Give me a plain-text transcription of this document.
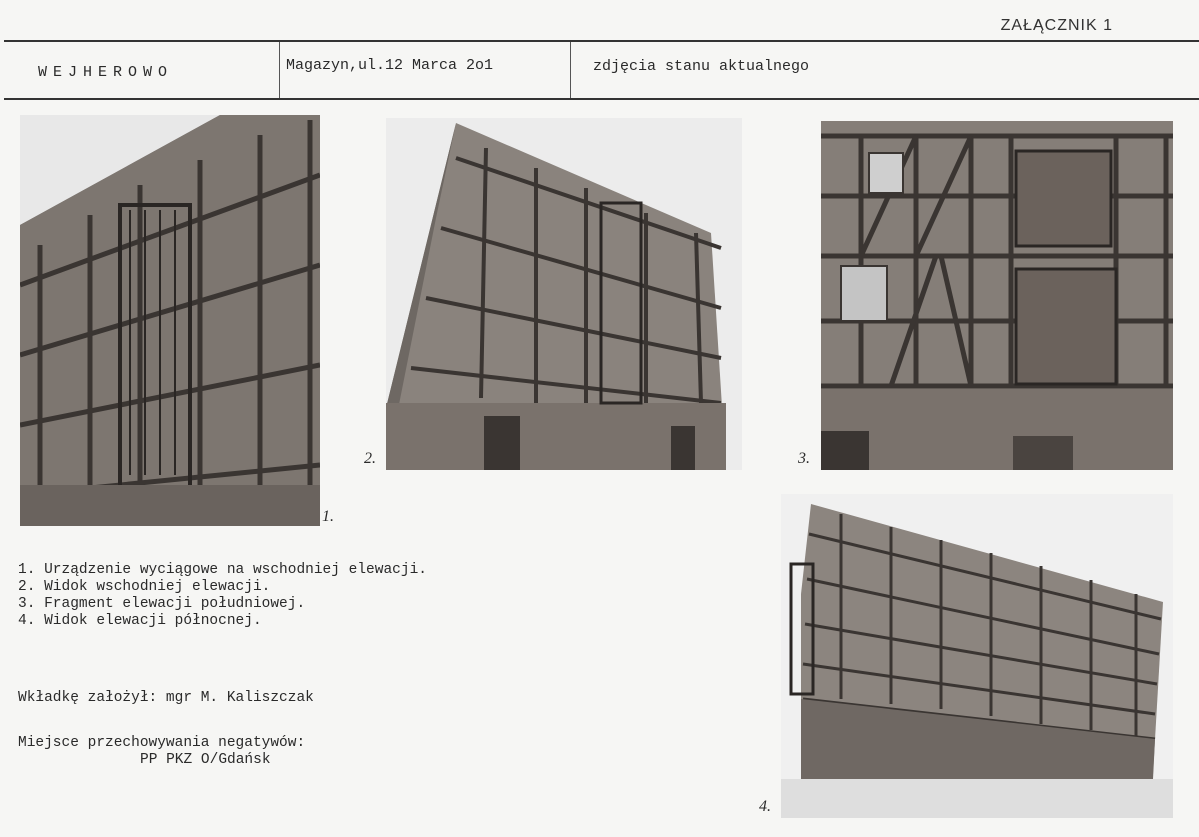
ZAŁĄCZNIK 1
WEJHEROWO	Magazyn,ul.12 Marca 2o1	zdjęcia stanu aktualnego
1.
2.	3.
4.
1. Urządzenie wyciągowe na wschodniej elewacji.
2. Widok wschodniej elewacji.
3. Fragment elewacji południowej.
4. Widok elewacji północnej.
Wkładkę założył: mgr M. Kaliszczak
Miejsce przechowywania negatywów:
PP PKZ O/Gdańsk
